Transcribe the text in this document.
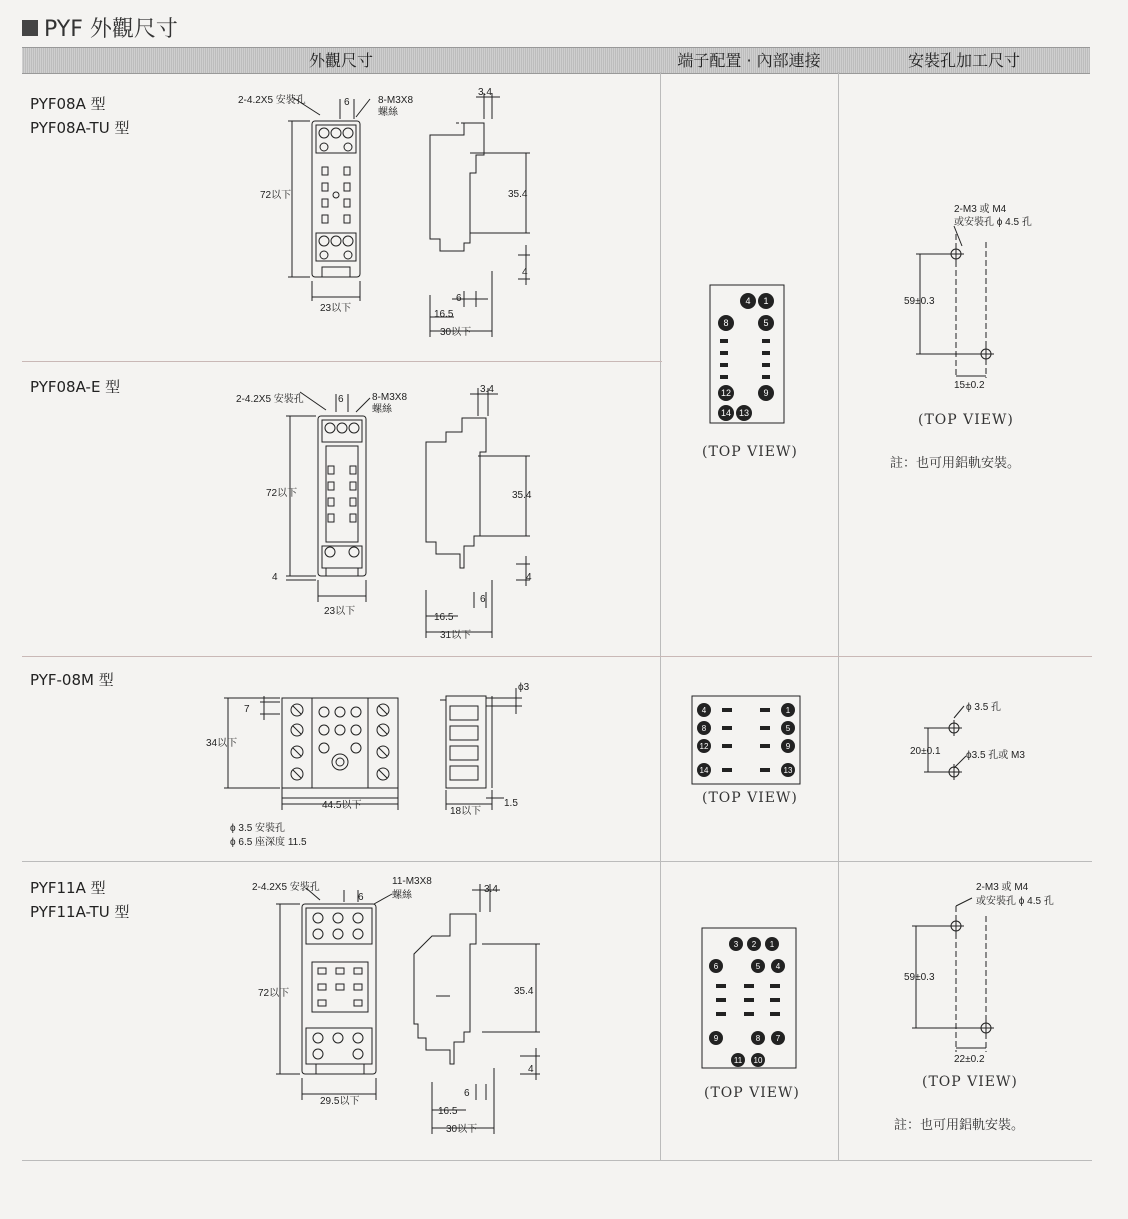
PYF 外觀尺寸
外觀尺寸	端子配置 · 內部連接	安裝孔加工尺寸
PYF08A 型
PYF08A-TU 型
PYF08A-E 型
PYF-08M 型
PYF11A 型
PYF11A-TU 型
2-4.2X5 安裝孔	6	8-M3X8
螺絲
72以下
23以下
3.4
35.4
4
6
16.5
30以下
2-4.2X5 安裝孔	6	8-M3X8
螺絲
72以下
4
23以下
3.4
35.4
4
6
16.5
31以下
7
34以下
44.5以下
ϕ 3.5 安裝孔
ϕ 6.5 座深度 11.5
ϕ3
18以下
1.5
2-4.2X5 安裝孔
6
11-M3X8
螺絲
72以下
29.5以下
3.4
35.4
4
6
16.5
30以下
4 1
8	5
12	9
14 13
(TOP VIEW)
4	1
8	5
12	9
14	13
(TOP VIEW)
3 2 1
6	5 4
9	8 7
11 10
(TOP VIEW)
2-M3 或 M4
或安裝孔 ϕ 4.5 孔
59±0.3
15±0.2
(TOP VIEW)
註：也可用鋁軌安裝。
ϕ 3.5 孔
20±0.1	ϕ3.5 孔或 M3
2-M3 或 M4
或安裝孔 ϕ 4.5 孔
59±0.3
22±0.2
(TOP VIEW)
註：也可用鋁軌安裝。
